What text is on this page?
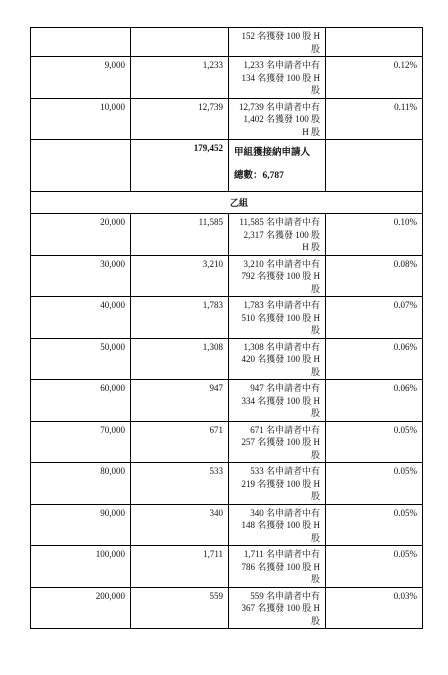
		152 名獲發 100 股 H
股	

9,000	1,233	1,233 名申請者中有
134 名獲發 100 股 H
股	0.12%
10,000	12,739	12,739 名申請者中有
1,402 名獲發 100 股
H 股	0.11%
	179,452	甲組獲接納申請人
總數：6,787	

乙組			
20,000	11,585	11,585 名申請者中有
2,317 名獲發 100 股
H 股	0.10%
30,000	3,210	3,210 名申請者中有
792 名獲發 100 股 H
股	0.08%
40,000	1,783	1,783 名申請者中有
510 名獲發 100 股 H
股	0.07%
50,000	1,308	1,308 名申請者中有
420 名獲發 100 股 H
股	0.06%
60,000	947	947 名申請者中有
334 名獲發 100 股 H
股	0.06%
70,000	671	671 名申請者中有
257 名獲發 100 股 H
股	0.05%
80,000	533	533 名申請者中有
219 名獲發 100 股 H
股	0.05%
90,000	340	340 名申請者中有
148 名獲發 100 股 H
股	0.05%
100,000	1,711	1,711 名申請者中有
786 名獲發 100 股 H
股	0.05%
200,000	559	559 名申請者中有
367 名獲發 100 股 H
股	0.03%
